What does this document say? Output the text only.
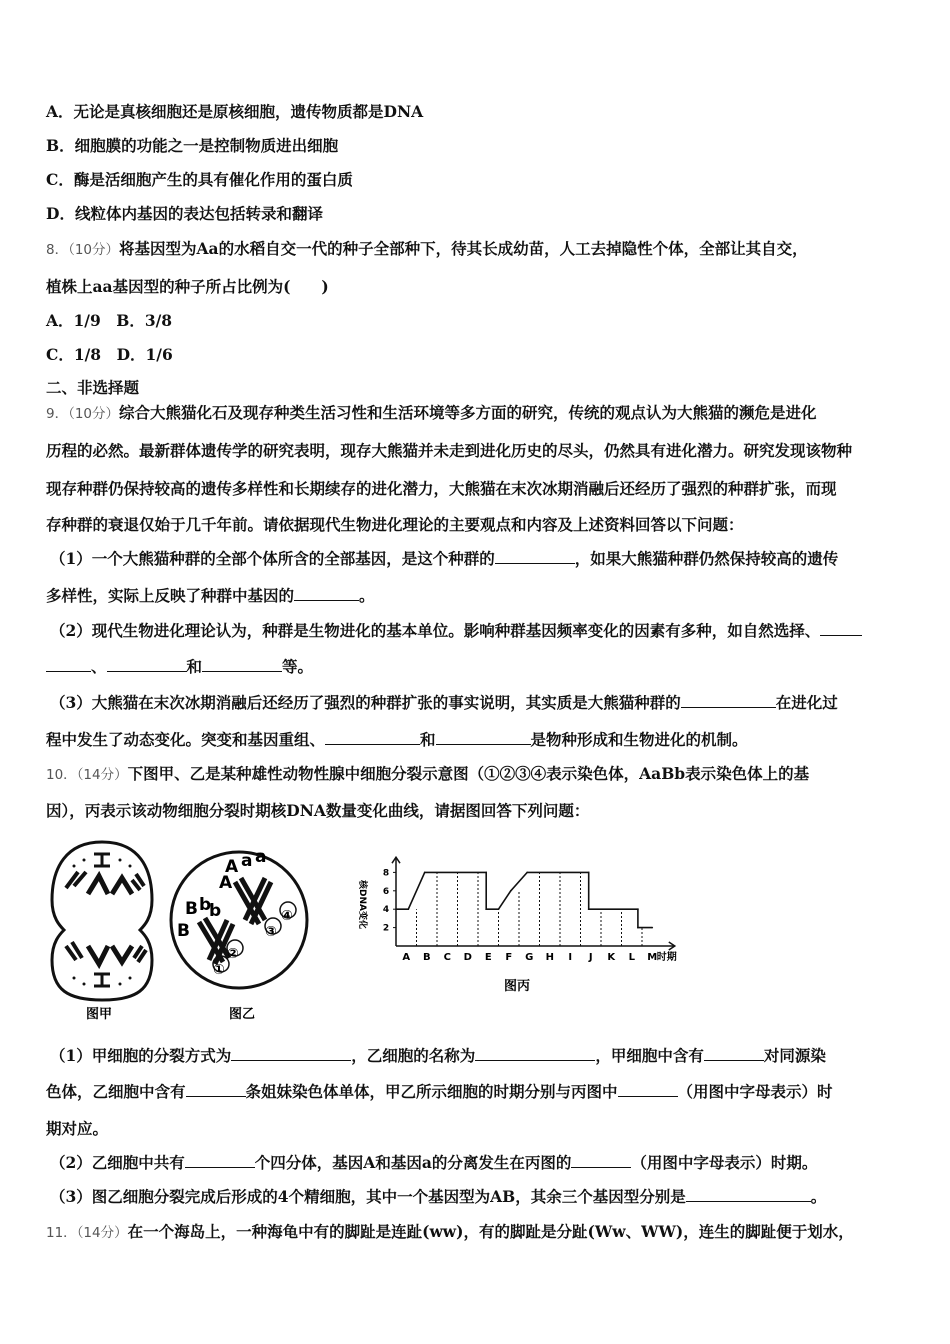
A．无论是真核细胞还是原核细胞，遗传物质都是DNA
B．细胞膜的功能之一是控制物质进出细胞
C．酶是活细胞产生的具有催化作用的蛋白质
D．线粒体内基因的表达包括转录和翻译
8．（10分）将基因型为Aa的水稻自交一代的种子全部种下，待其长成幼苗，人工去掉隐性个体，全部让其自交，
植株上aa基因型的种子所占比例为(　　)
A．1/9　B．3/8
C．1/8　D．1/6
二、非选择题
9．（10分）综合大熊猫化石及现存种类生活习性和生活环境等多方面的研究，传统的观点认为大熊猫的濒危是进化
历程的必然。最新群体遗传学的研究表明，现存大熊猫并未走到进化历史的尽头，仍然具有进化潜力。研究发现该物种
现存种群仍保持较高的遗传多样性和长期续存的进化潜力，大熊猫在末次冰期消融后还经历了强烈的种群扩张，而现
存种群的衰退仅始于几千年前。请依据现代生物进化理论的主要观点和内容及上述资料回答以下问题：
（1）一个大熊猫种群的全部个体所含的全部基因，是这个种群的	，如果大熊猫种群仍然保持较高的遗传
多样性，实际上反映了种群中基因的	。
（2）现代生物进化理论认为，种群是生物进化的基本单位。影响种群基因频率变化的因素有多种，如自然选择、
、	和	等。
（3）大熊猫在末次冰期消融后还经历了强烈的种群扩张的事实说明，其实质是大熊猫种群的	在进化过
程中发生了动态变化。突变和基因重组、	和	是物种形成和生物进化的机制。
10．（14分）下图甲、乙是某种雄性动物性腺中细胞分裂示意图（①②③④表示染色体，AaBb表示染色体上的基
因），丙表示该动物细胞分裂时期核DNA数量变化曲线，请据图回答下列问题：
图甲
A a
A
a
B b
B
b
①
②
③
④
图乙
核DNA变化 2
4
6
8
A B C D E F G H I J K L M 时期
图丙
（1）甲细胞的分裂方式为	，乙细胞的名称为	，甲细胞中含有	对同源染
色体，乙细胞中含有	条姐妹染色体单体，甲乙所示细胞的时期分别与丙图中	（用图中字母表示）时
期对应。
（2）乙细胞中共有	个四分体，基因A和基因a的分离发生在丙图的	（用图中字母表示）时期。
（3）图乙细胞分裂完成后形成的4个精细胞，其中一个基因型为AB，其余三个基因型分别是	。
11．（14分）在一个海岛上，一种海龟中有的脚趾是连趾(ww)，有的脚趾是分趾(Ww、WW)，连生的脚趾便于划水，
